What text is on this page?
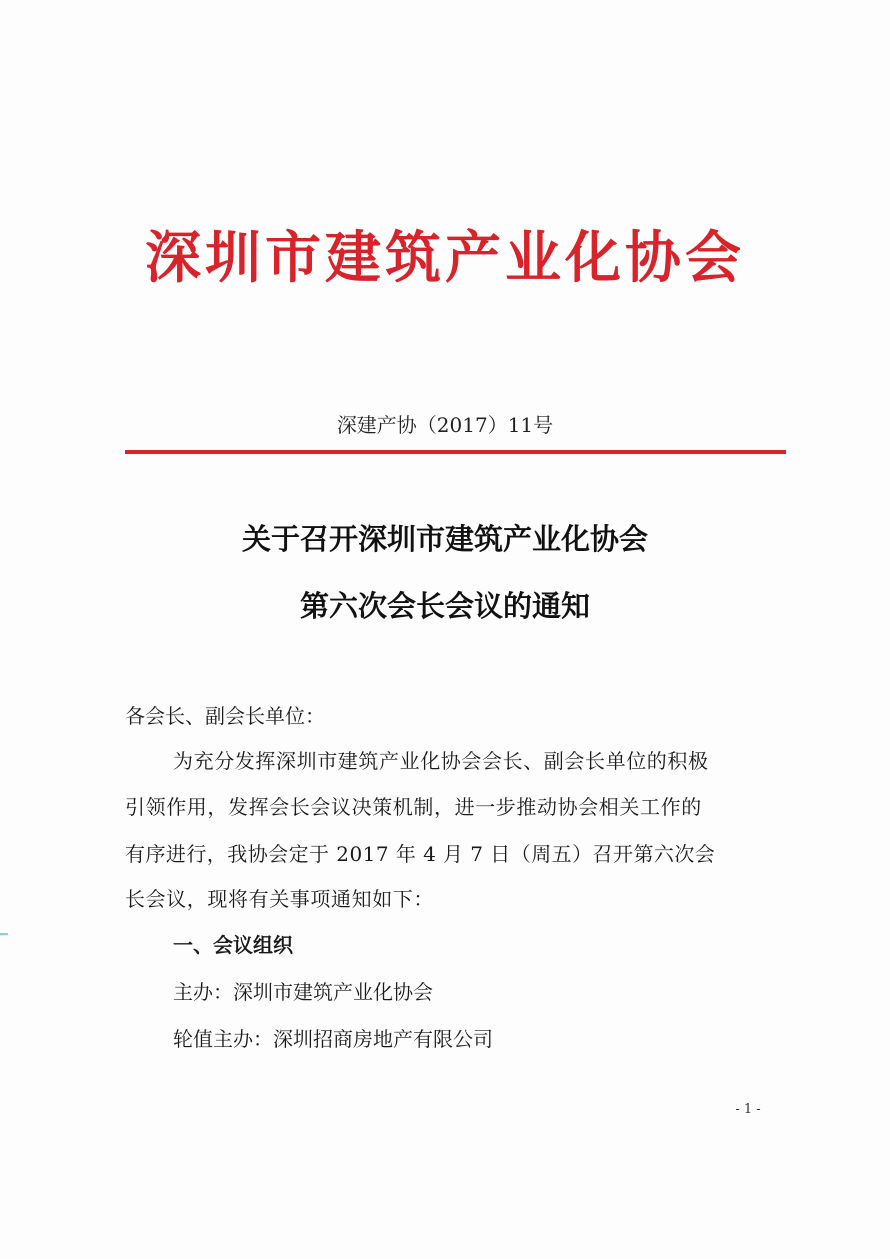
深圳市建筑产业化协会
深建产协（2017）11号
关于召开深圳市建筑产业化协会
第六次会长会议的通知
各会长、副会长单位：
为充分发挥深圳市建筑产业化协会会长、副会长单位的积极
引领作用，发挥会长会议决策机制，进一步推动协会相关工作的
有序进行，我协会定于 2017 年 4 月 7 日（周五）召开第六次会
长会议，现将有关事项通知如下：
一、会议组织
主办：深圳市建筑产业化协会
轮值主办：深圳招商房地产有限公司
- 1 -
